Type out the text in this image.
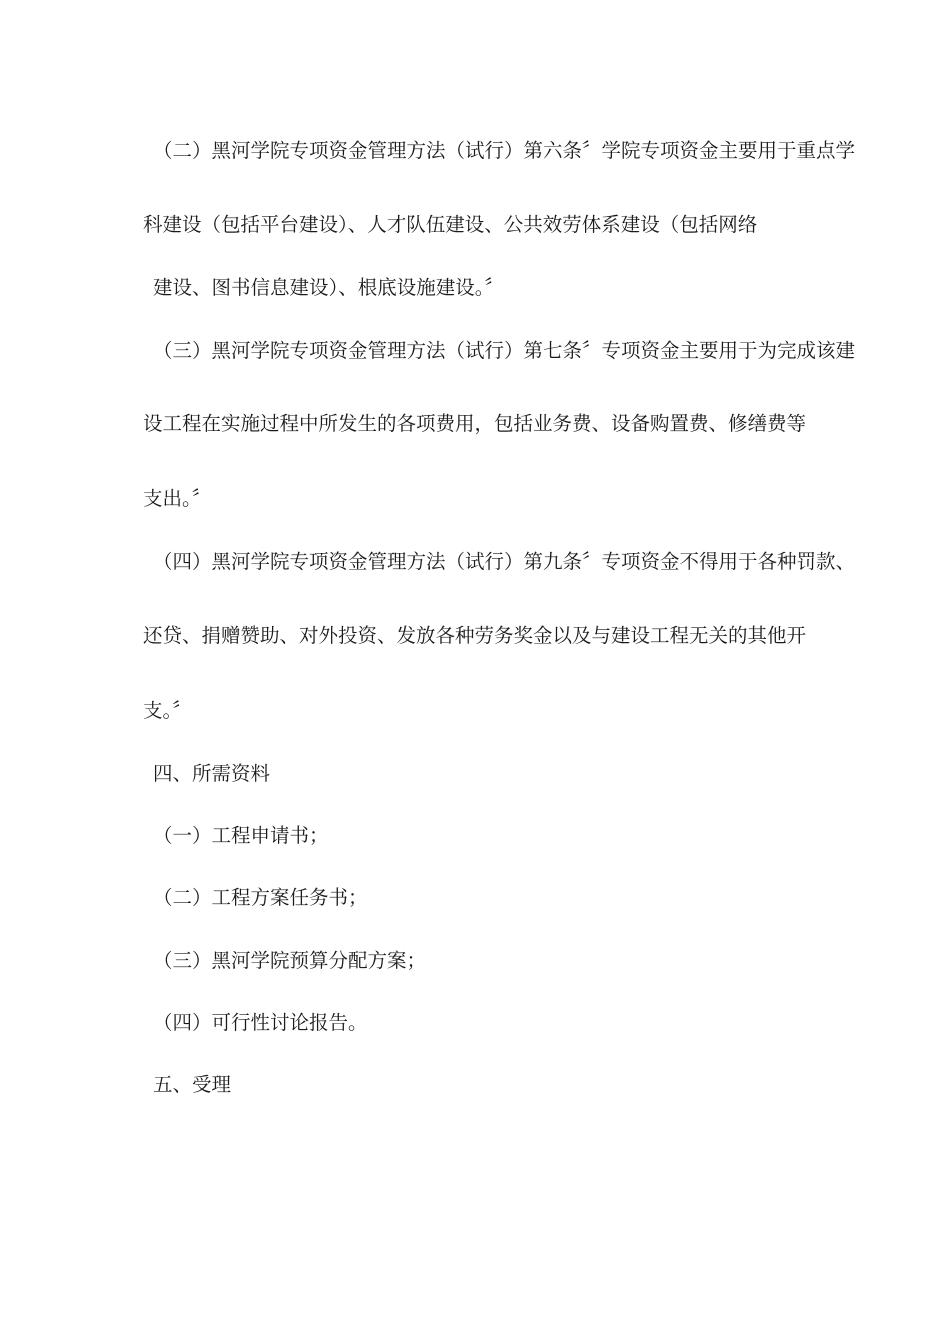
（二）黑河学院专项资金管理方法（试行）第六条〞学院专项资金主要用于重点学
科建设（包括平台建设）、人才队伍建设、公共效劳体系建设（包括网络
建设、图书信息建设）、根底设施建设。〞
（三）黑河学院专项资金管理方法（试行）第七条〞专项资金主要用于为完成该建
设工程在实施过程中所发生的各项费用，包括业务费、设备购置费、修缮费等
支出。〞
（四）黑河学院专项资金管理方法（试行）第九条〞专项资金不得用于各种罚款、
还贷、捐赠赞助、对外投资、发放各种劳务奖金以及与建设工程无关的其他开
支。〞
四、所需资料
（一）工程申请书；
（二）工程方案任务书；
（三）黑河学院预算分配方案；
（四）可行性讨论报告。
五、受理
